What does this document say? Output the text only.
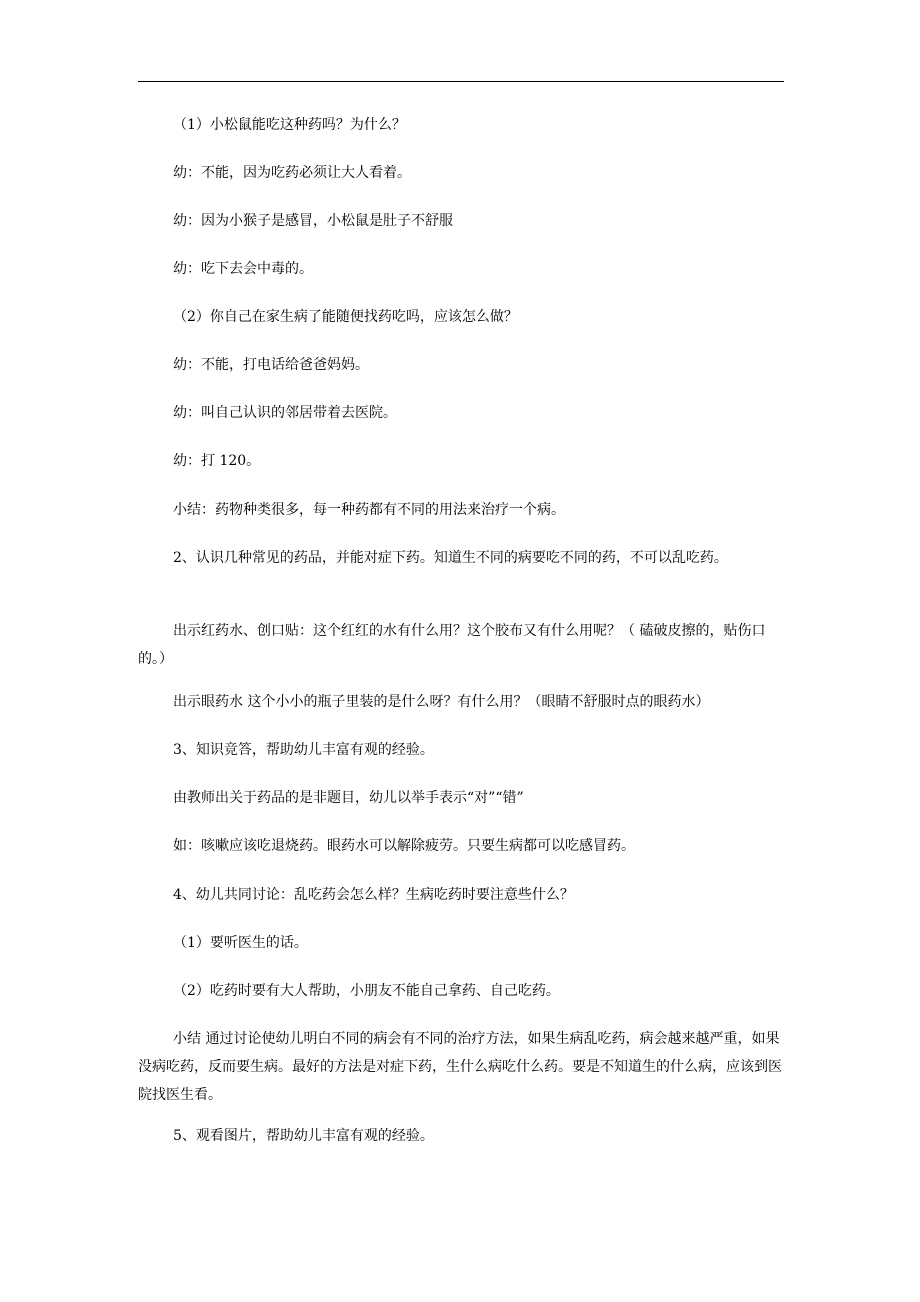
（1）小松鼠能吃这种药吗？为什么？
幼：不能，因为吃药必须让大人看着。
幼：因为小猴子是感冒，小松鼠是肚子不舒服
幼：吃下去会中毒的。
（2）你自己在家生病了能随便找药吃吗，应该怎么做？
幼：不能，打电话给爸爸妈妈。
幼：叫自己认识的邻居带着去医院。
幼：打 120。
小结：药物种类很多，每一种药都有不同的用法来治疗一个病。
2、认识几种常见的药品，并能对症下药。知道生不同的病要吃不同的药，不可以乱吃药。
出示红药水、创口贴：这个红红的水有什么用？这个胶布又有什么用呢？（ 磕破皮擦的，贴伤口的。）
出示眼药水 这个小小的瓶子里装的是什么呀？有什么用？（眼睛不舒服时点的眼药水）
3、知识竞答，帮助幼儿丰富有观的经验。
由教师出关于药品的是非题目，幼儿以举手表示“对”“错”
如：咳嗽应该吃退烧药。眼药水可以解除疲劳。只要生病都可以吃感冒药。
4、幼儿共同讨论：乱吃药会怎么样？生病吃药时要注意些什么？
（1）要听医生的话。
（2）吃药时要有大人帮助，小朋友不能自己拿药、自己吃药。
小结 通过讨论使幼儿明白不同的病会有不同的治疗方法，如果生病乱吃药，病会越来越严重，如果没病吃药，反而要生病。最好的方法是对症下药，生什么病吃什么药。要是不知道生的什么病，应该到医院找医生看。
5、观看图片，帮助幼儿丰富有观的经验。
